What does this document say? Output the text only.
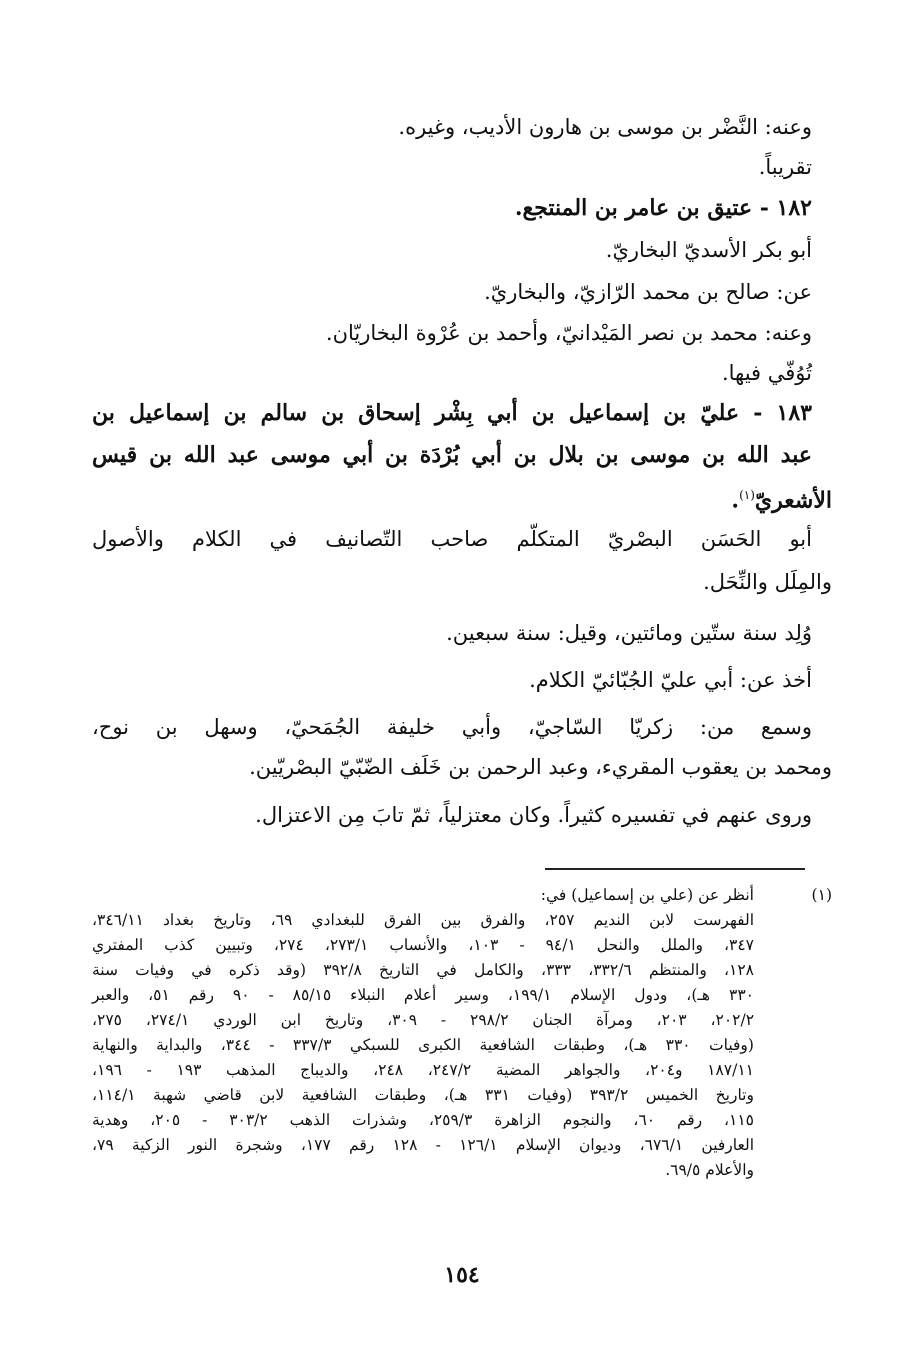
وعنه: النَّضْر بن موسى بن هارون الأديب، وغيره.
تقريباً.
١٨٢ - عتيق بن عامر بن المنتجع.
أبو بكر الأسديّ البخاريّ.
عن: صالح بن محمد الرّازيّ، والبخاريّ.
وعنه: محمد بن نصر المَيْدانيّ، وأحمد بن عُرْوة البخاريّان.
تُوُفّي فيها.
١٨٣ - عليّ بن إسماعيل بن أبي بِشْر إسحاق بن سالم بن إسماعيل بن
عبد الله بن موسى بن بلال بن أبي بُرْدَة بن أبي موسى عبد الله بن قيس
الأشعريّ$^{(١)}$.
أبو الحَسَن البصْريّ المتكلّم صاحب التّصانيف في الكلام والأصول
والمِلَل والنِّحَل.
وُلِد سنة ستّين ومائتين، وقيل: سنة سبعين.
أخذ عن: أبي عليّ الجُبّائيّ الكلام.
وسمع من: زكريّا السّاجيّ، وأبي خليفة الجُمَحيّ، وسهل بن نوح،
ومحمد بن يعقوب المقريء، وعبد الرحمن بن خَلَف الضّبّيّ البصْريّين.
وروى عنهم في تفسيره كثيراً. وكان معتزلياً، ثمّ تابَ مِن الاعتزال.
(١)
أنظر عن (علي بن إسماعيل) في:
الفهرست لابن النديم ٢٥٧، والفرق بين الفرق للبغدادي ٦٩، وتاريخ بغداد ٣٤٦/١١،
٣٤٧، والملل والنحل ٩٤/١ - ١٠٣، والأنساب ٢٧٣/١، ٢٧٤، وتبيين كذب المفتري
١٢٨، والمنتظم ٣٣٢/٦، ٣٣٣، والكامل في التاريخ ٣٩٢/٨ (وقد ذكره في وفيات سنة
٣٣٠ هـ)، ودول الإسلام ١٩٩/١، وسير أعلام النبلاء ٨٥/١٥ - ٩٠ رقم ٥١، والعبر
٢٠٢/٢، ٢٠٣، ومرآة الجنان ٢٩٨/٢ - ٣٠٩، وتاريخ ابن الوردي ٢٧٤/١، ٢٧٥،
(وفيات ٣٣٠ هـ)، وطبقات الشافعية الكبرى للسبكي ٣٣٧/٣ - ٣٤٤، والبداية والنهاية
١٨٧/١١ و٢٠٤، والجواهر المضية ٢٤٧/٢، ٢٤٨، والديباج المذهب ١٩٣ - ١٩٦،
وتاريخ الخميس ٣٩٣/٢ (وفيات ٣٣١ هـ)، وطبقات الشافعية لابن قاضي شهبة ١١٤/١،
١١٥، رقم ٦٠، والنجوم الزاهرة ٢٥٩/٣، وشذرات الذهب ٣٠٣/٢ - ٢٠٥، وهدية
العارفين ٦٧٦/١، وديوان الإسلام ١٢٦/١ - ١٢٨ رقم ١٧٧، وشجرة النور الزكية ٧٩،
والأعلام ٦٩/٥.
١٥٤
